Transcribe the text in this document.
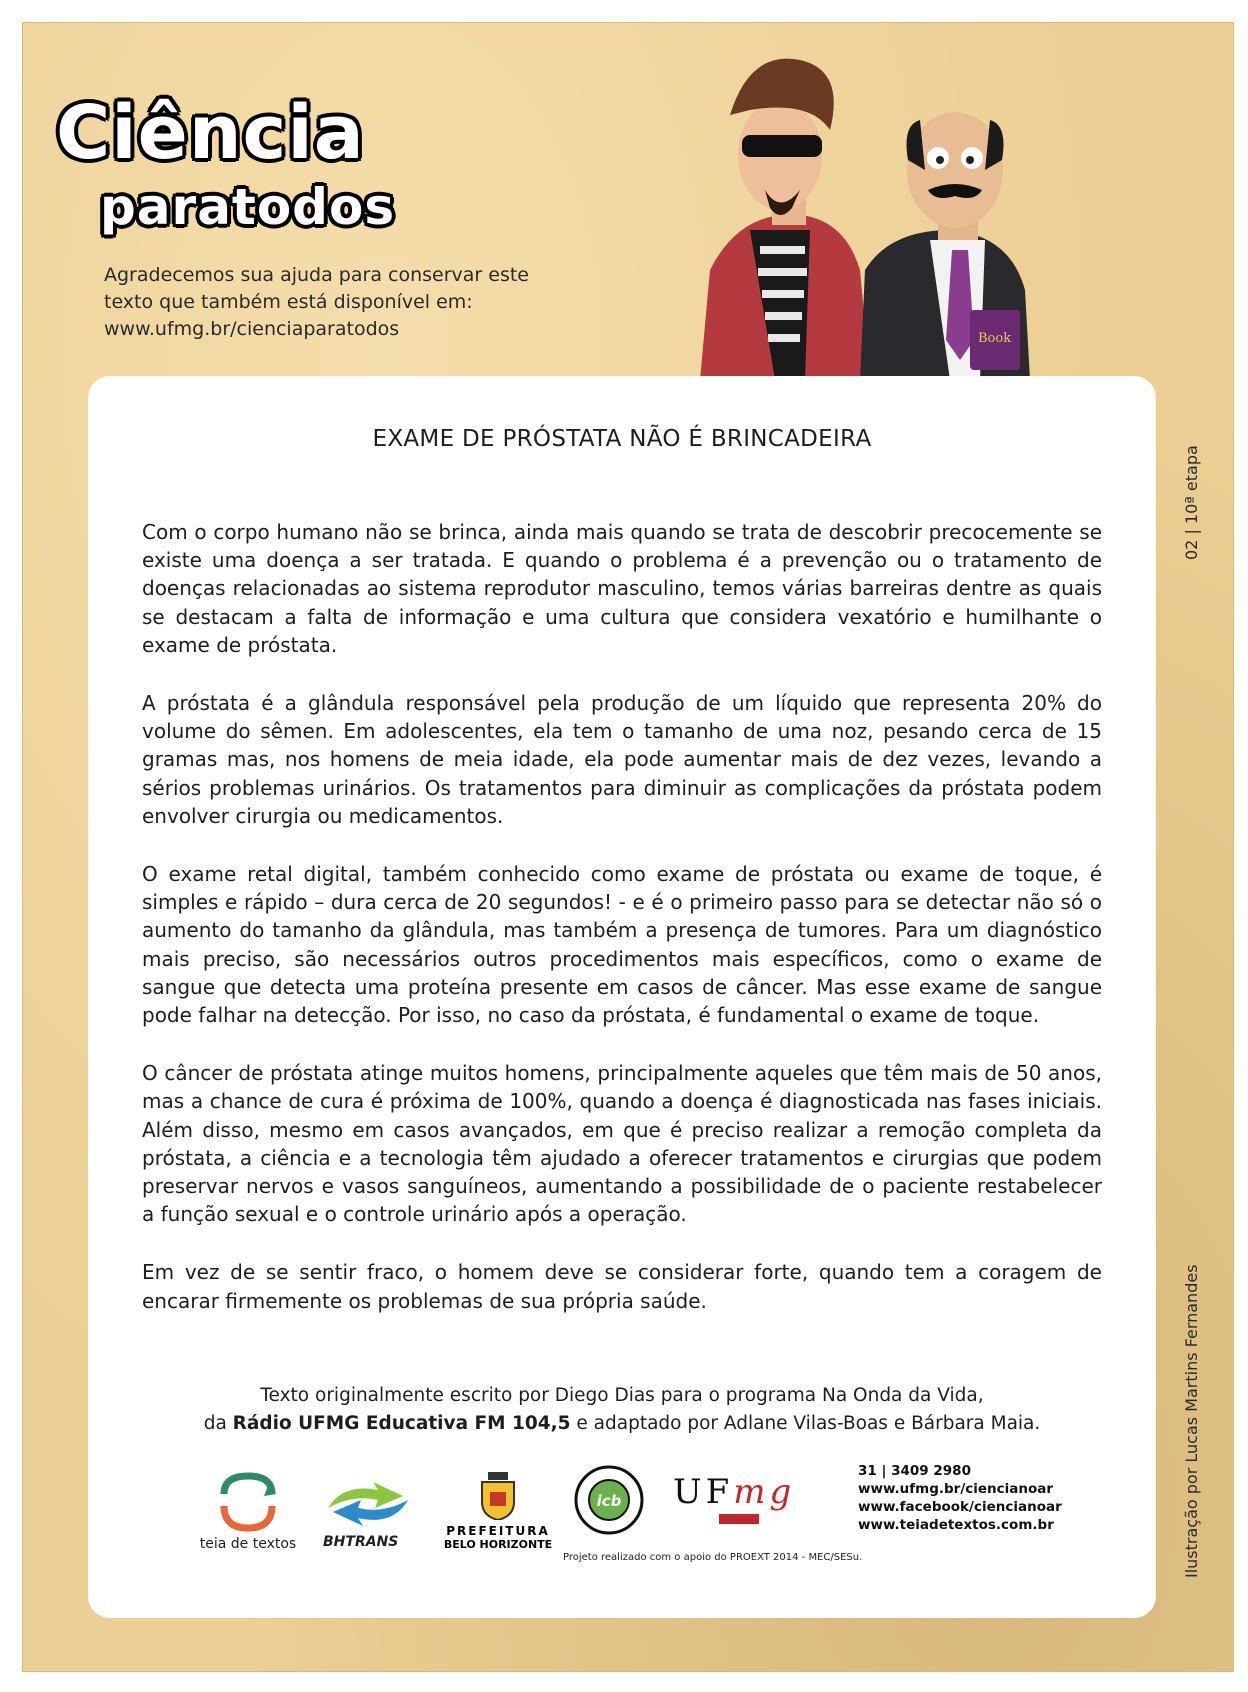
Ciência
paratodos
Agradecemos sua ajuda para conservar este
texto que também está disponível em:
www.ufmg.br/cienciaparatodos	Book
02 | 10ª etapa
Ilustração por Lucas Martins Fernandes
EXAME DE PRÓSTATA NÃO É BRINCADEIRA

Com o corpo humano não se brinca, ainda mais quando se trata de descobrir precocemente se existe uma doença a ser tratada. E quando o problema é a prevenção ou o tratamento de doenças relacionadas ao sistema reprodutor masculino, temos várias barreiras dentre as quais se destacam a falta de informação e uma cultura que considera vexatório e humilhante o exame de próstata.

A próstata é a glândula responsável pela produção de um líquido que representa 20% do volume do sêmen. Em adolescentes, ela tem o tamanho de uma noz, pesando cerca de 15 gramas mas, nos homens de meia idade, ela pode aumentar mais de dez vezes, levando a sérios problemas urinários. Os tratamentos para diminuir as complicações da próstata podem envolver cirurgia ou medicamentos.

O exame retal digital, também conhecido como exame de próstata ou exame de toque, é simples e rápido – dura cerca de 20 segundos! - e é o primeiro passo para se detectar não só o aumento do tamanho da glândula, mas também a presença de tumores. Para um diagnóstico mais preciso, são necessários outros procedimentos mais específicos, como o exame de sangue que detecta uma proteína presente em casos de câncer. Mas esse exame de sangue pode falhar na detecção. Por isso, no caso da próstata, é fundamental o exame de toque.

O câncer de próstata atinge muitos homens, principalmente aqueles que têm mais de 50 anos, mas a chance de cura é próxima de 100%, quando a doença é diagnosticada nas fases iniciais. Além disso, mesmo em casos avançados, em que é preciso realizar a remoção completa da próstata, a ciência e a tecnologia têm ajudado a oferecer tratamentos e cirurgias que podem preservar nervos e vasos sanguíneos, aumentando a possibilidade de o paciente restabelecer a função sexual e o controle urinário após a operação.

Em vez de se sentir fraco, o homem deve se considerar forte, quando tem a coragem de encarar firmemente os problemas de sua própria saúde.

Texto originalmente escrito por Diego Dias para o programa Na Onda da Vida,
da Rádio UFMG Educativa FM 104,5 e adaptado por Adlane Vilas-Boas e Bárbara Maia.
teia de textos BHTRANS
PREFEITURA
BELO HORIZONTE
icb UFmg
Projeto realizado com o apoio do PROEXT 2014 - MEC/SESu.
31 | 3409 2980
www.ufmg.br/ciencianoar
www.facebook/ciencianoar
www.teiadetextos.com.br
